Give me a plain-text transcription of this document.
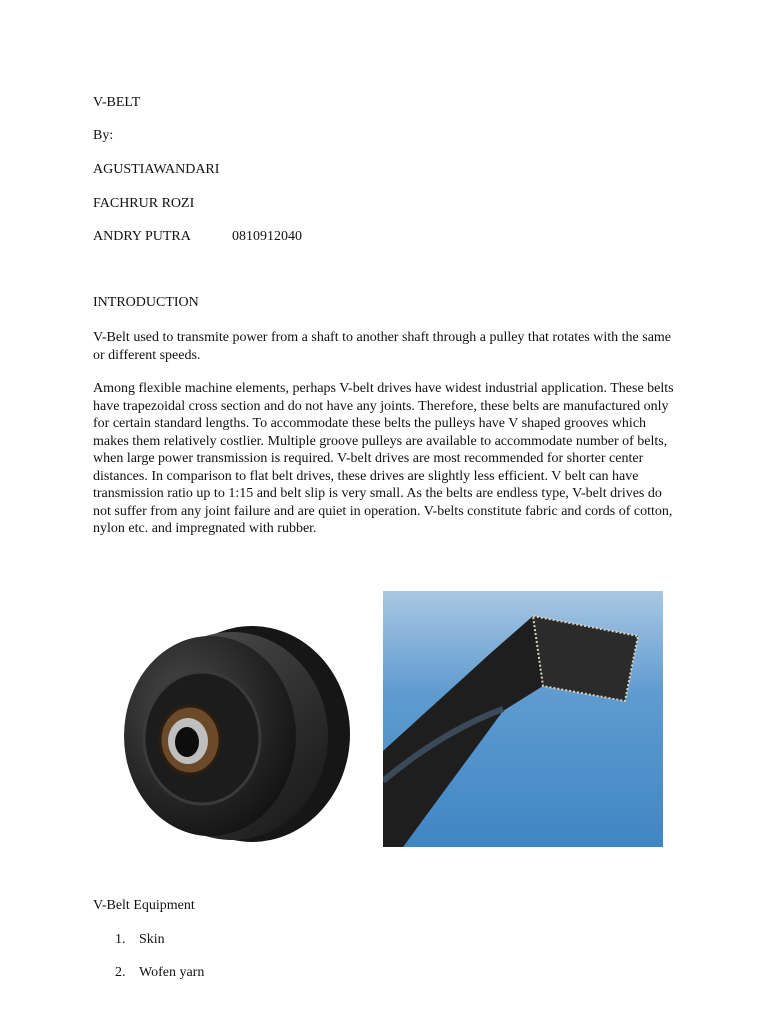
V-BELT
By:
AGUSTIAWANDARI
FACHRUR ROZI
ANDRY PUTRA	0810912040
INTRODUCTION

V-Belt used to transmite power from a shaft to another shaft through a pulley that rotates with the same or different speeds.

Among flexible machine elements, perhaps V-belt drives have widest industrial application. These belts have trapezoidal cross section and do not have any joints. Therefore, these belts are manufactured only for certain standard lengths. To accommodate these belts the pulleys have V shaped grooves which makes them relatively costlier. Multiple groove pulleys are available to accommodate number of belts, when large power transmission is required. V-belt drives are most recommended for shorter center distances. In comparison to flat belt drives, these drives are slightly less efficient. V belt can have transmission ratio up to 1:15 and belt slip is very small. As the belts are endless type, V-belt drives do not suffer from any joint failure and are quiet in operation. V-belts constitute fabric and cords of cotton, nylon etc. and impregnated with rubber.

V-Belt Equipment
1. Skin
2. Wofen yarn
